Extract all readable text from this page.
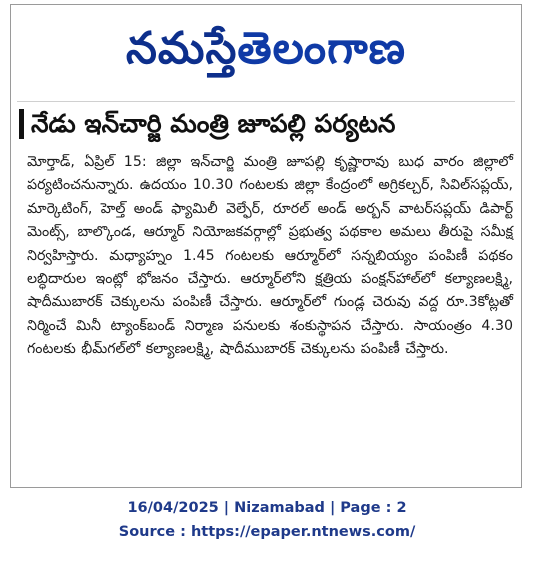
నమస్తేతెలంగాణ
నేడు ఇన్‌చార్జి మంత్రి జూపల్లి పర్యటన
మోర్తాడ్, ఏప్రిల్ 15: జిల్లా ఇన్‌చార్జి మంత్రి జూపల్లి కృష్ణారావు బుధ వారం జిల్లాలో పర్యటించనున్నారు. ఉదయం 10.30 గంటలకు జిల్లా కేంద్రంలో అగ్రికల్చర్, సివిల్‌సప్లయ్, మార్కెటింగ్, హెల్త్ అండ్ ఫ్యామిలీ వెల్ఫేర్, రూరల్ అండ్ అర్బన్ వాటర్‌సప్లయ్ డిపార్ట్ మెంట్స్, బాల్కొండ, ఆర్మూర్ నియోజకవర్గాల్లో ప్రభుత్వ పథకాల అమలు తీరుపై సమీక్ష నిర్వహిస్తారు. మధ్యాహ్నం 1.45 గంటలకు ఆర్మూర్‌లో సన్నబియ్యం పంపిణీ పథకం లబ్ధిదారుల ఇంట్లో భోజనం చేస్తారు. ఆర్మూర్‌లోని క్షత్రియ పంక్షన్‌హాల్‌లో కల్యాణలక్ష్మి, షాదీముబారక్ చెక్కులను పంపిణీ చేస్తారు. ఆర్మూర్‌లో గుండ్ల చెరువు వద్ద రూ.3కోట్లతో నిర్మించే మినీ ట్యాంక్‌బండ్ నిర్మాణ పనులకు శంకుస్థాపన చేస్తారు. సాయంత్రం 4.30 గంటలకు భీమ్‌గల్‌లో కల్యాణలక్ష్మి, షాదీముబారక్ చెక్కులను పంపిణీ చేస్తారు.
16/04/2025 | Nizamabad | Page : 2
Source : https://epaper.ntnews.com/
